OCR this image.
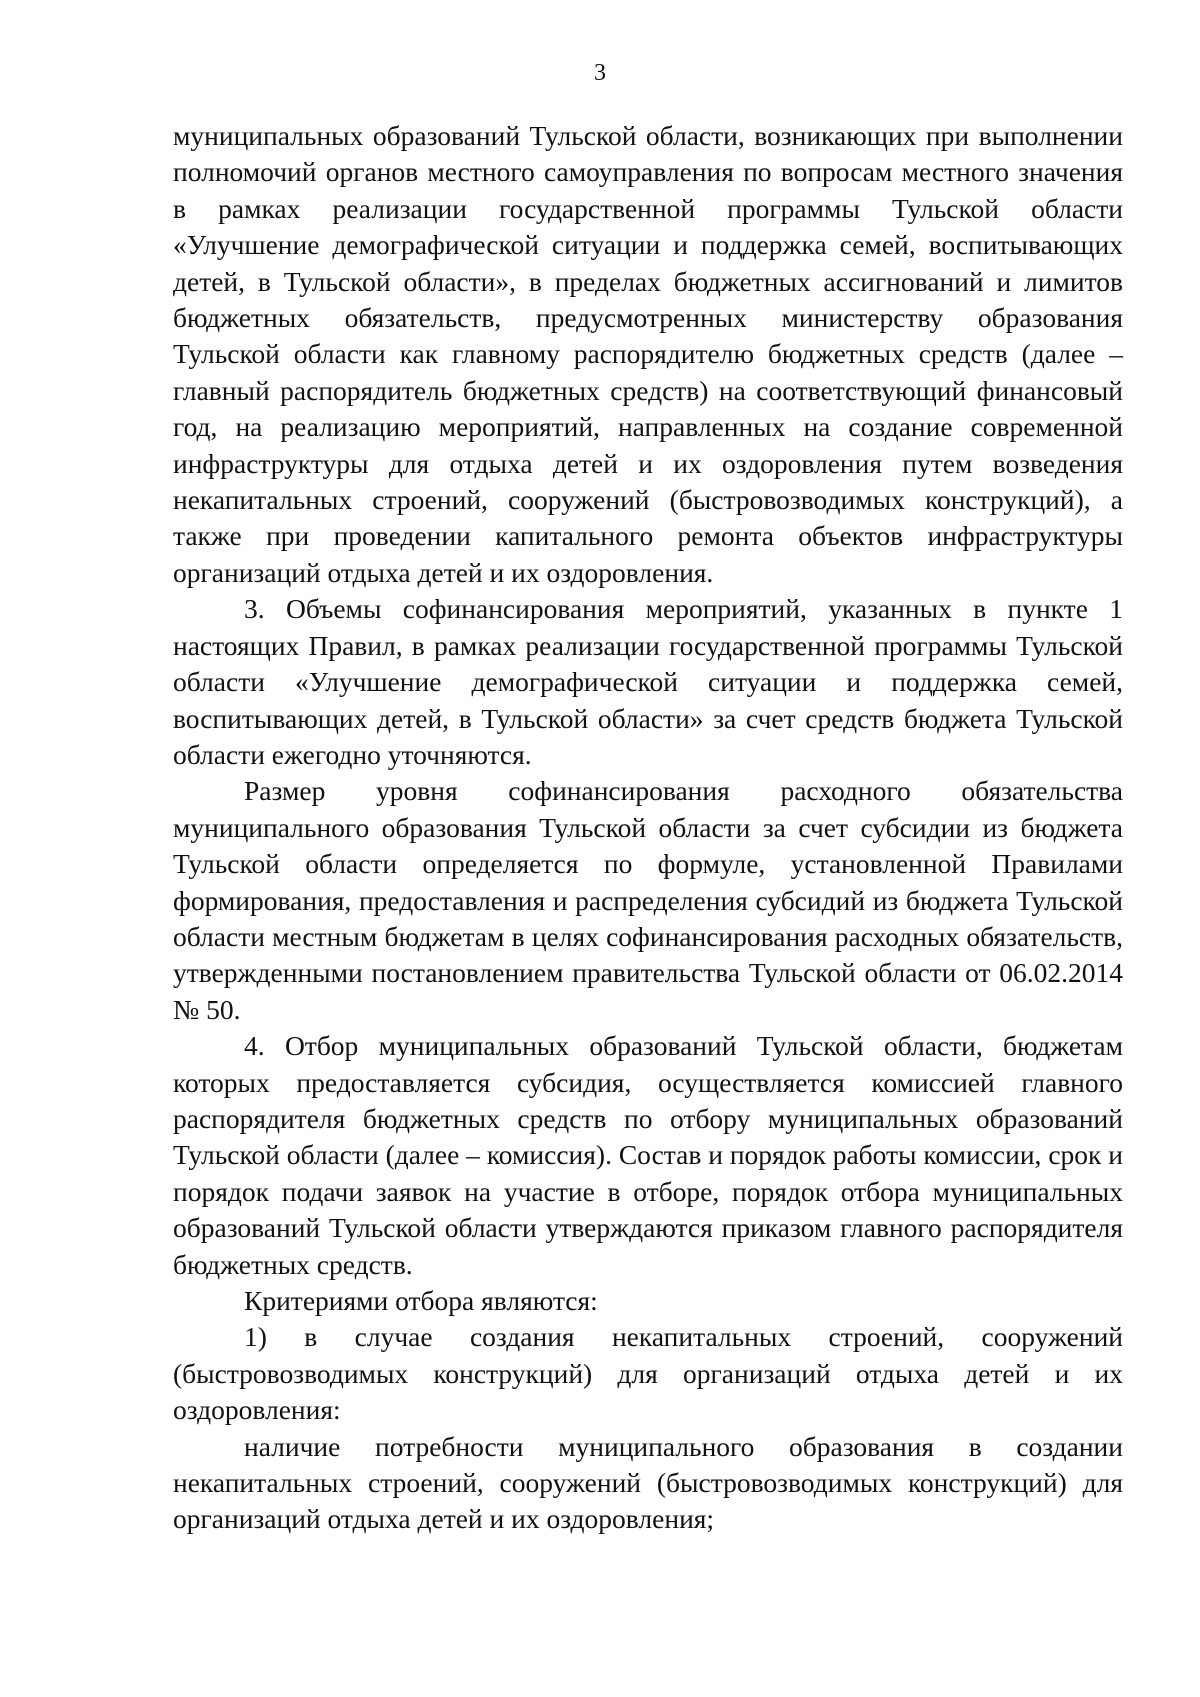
3

муниципальных образований Тульской области, возникающих при выполнении полномочий органов местного самоуправления по вопросам местного значения в рамках реализации государственной программы Тульской области «Улучшение демографической ситуации и поддержка семей, воспитывающих детей, в Тульской области», в пределах бюджетных ассигнований и лимитов бюджетных обязательств, предусмотренных министерству образования Тульской области как главному распорядителю бюджетных средств (далее – главный распорядитель бюджетных средств) на соответствующий финансовый год, на реализацию мероприятий, направленных на создание современной инфраструктуры для отдыха детей и их оздоровления путем возведения некапитальных строений, сооружений (быстровозводимых конструкций), а также при проведении капитального ремонта объектов инфраструктуры организаций отдыха детей и их оздоровления.

3. Объемы софинансирования мероприятий, указанных в пункте 1 настоящих Правил, в рамках реализации государственной программы Тульской области «Улучшение демографической ситуации и поддержка семей, воспитывающих детей, в Тульской области» за счет средств бюджета Тульской области ежегодно уточняются.

Размер уровня софинансирования расходного обязательства муниципального образования Тульской области за счет субсидии из бюджета Тульской области определяется по формуле, установленной Правилами формирования, предоставления и распределения субсидий из бюджета Тульской области местным бюджетам в целях софинансирования расходных обязательств, утвержденными постановлением правительства Тульской области от 06.02.2014 № 50.

4. Отбор муниципальных образований Тульской области, бюджетам которых предоставляется субсидия, осуществляется комиссией главного распорядителя бюджетных средств по отбору муниципальных образований Тульской области (далее – комиссия). Состав и порядок работы комиссии, срок и порядок подачи заявок на участие в отборе, порядок отбора муниципальных образований Тульской области утверждаются приказом главного распорядителя бюджетных средств.

Критериями отбора являются:

1) в случае создания некапитальных строений, сооружений (быстровозводимых конструкций) для организаций отдыха детей и их оздоровления:

наличие потребности муниципального образования в создании некапитальных строений, сооружений (быстровозводимых конструкций) для организаций отдыха детей и их оздоровления;
